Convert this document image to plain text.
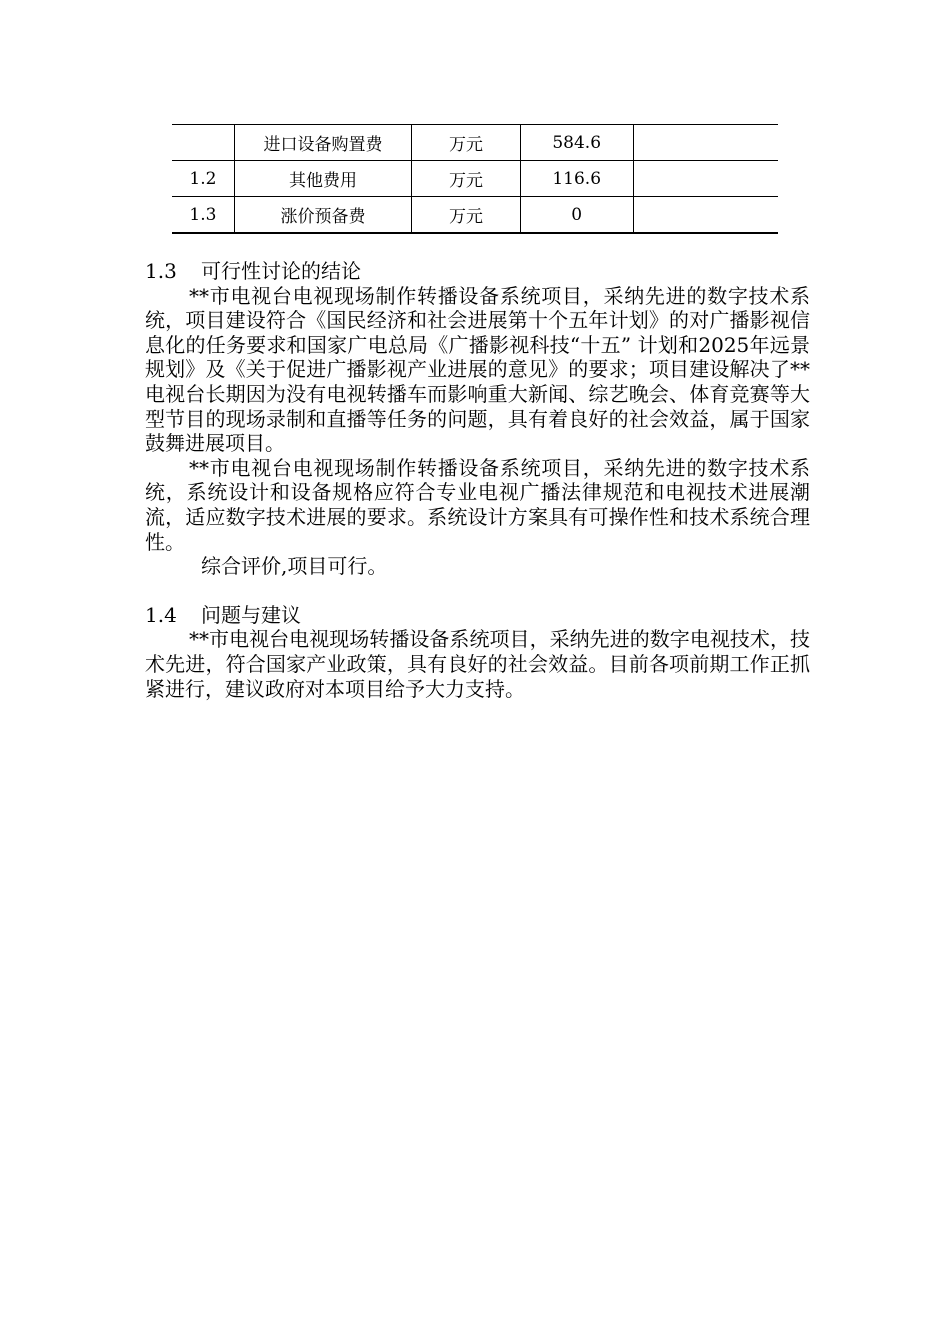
	进口设备购置费	万元	584.6	
1.2	其他费用	万元	116.6	
1.3	涨价预备费	万元	0	

1.3 可行性讨论的结论

**市电视台电视现场制作转播设备系统项目，采纳先进的数字技术系统，项目建设符合《国民经济和社会进展第十个五年计划》的对广播影视信息化的任务要求和国家广电总局《广播影视科技“十五” 计划和2025年远景规划》及《关于促进广播影视产业进展的意见》的要求；项目建设解决了**电视台长期因为没有电视转播车而影响重大新闻、综艺晚会、体育竞赛等大型节目的现场录制和直播等任务的问题，具有着良好的社会效益，属于国家鼓舞进展项目。

**市电视台电视现场制作转播设备系统项目，采纳先进的数字技术系统，系统设计和设备规格应符合专业电视广播法律规范和电视技术进展潮流，适应数字技术进展的要求。系统设计方案具有可操作性和技术系统合理性。

综合评价,项目可行。

1.4 问题与建议

**市电视台电视现场转播设备系统项目，采纳先进的数字电视技术，技术先进，符合国家产业政策，具有良好的社会效益。目前各项前期工作正抓紧进行，建议政府对本项目给予大力支持。
